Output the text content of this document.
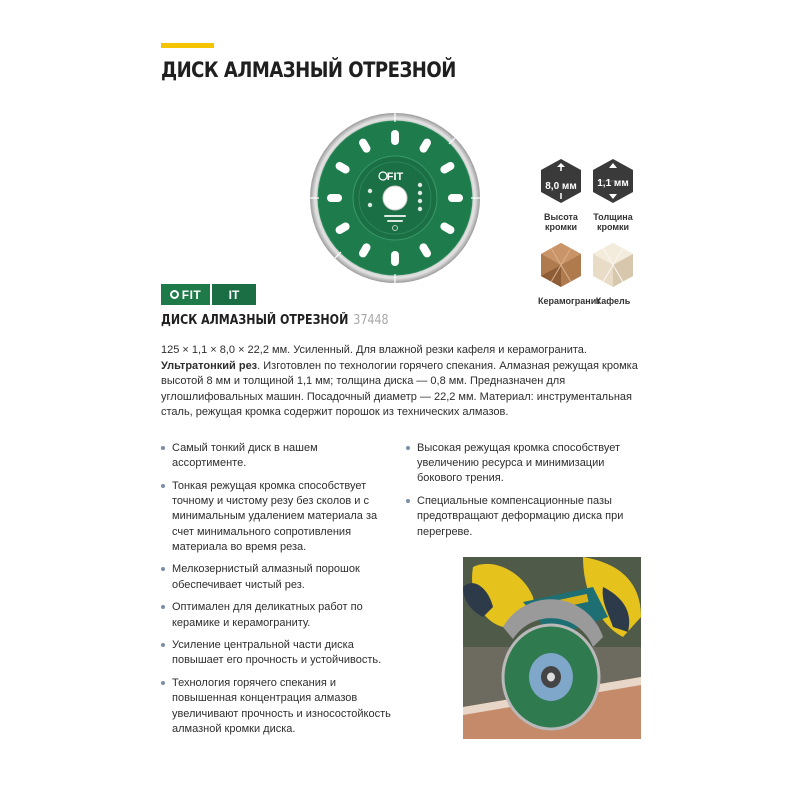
ДИСК АЛМАЗНЫЙ ОТРЕЗНОЙ
FIT
8,0 мм
Высота кромки
1,1 мм
Толщина кромки
Керамогранит
Кафель
FIT	IT
ДИСК АЛМАЗНЫЙ ОТРЕЗНОЙ 37448

125 × 1,1 × 8,0 × 22,2 мм. Усиленный. Для влажной резки кафеля и керамогранита. Ультратонкий рез. Изготовлен по технологии горячего спекания. Алмазная режущая кромка высотой 8 мм и толщиной 1,1 мм; толщина диска — 0,8 мм. Предназначен для углошлифовальных машин. Посадочный диаметр — 22,2 мм. Материал: инструментальная сталь, режущая кромка содержит порошок из технических алмазов.

Самый тонкий диск в нашем ассортименте.
Тонкая режущая кромка способствует точному и чистому резу без сколов и с минимальным удалением материала за счет минимального сопротивления материала во время реза.
Мелкозернистый алмазный порошок обеспечивает чистый рез.
Оптимален для деликатных работ по керамике и керамограниту.
Усиление центральной части диска повышает его прочность и устойчивость.
Технология горячего спекания и повышенная концентрация алмазов увеличивают прочность и износостойкость алмазной кромки диска.
Высокая режущая кромка способствует увеличению ресурса и минимизации бокового трения.
Специальные компенсационные пазы предотвращают деформацию диска при перегреве.
